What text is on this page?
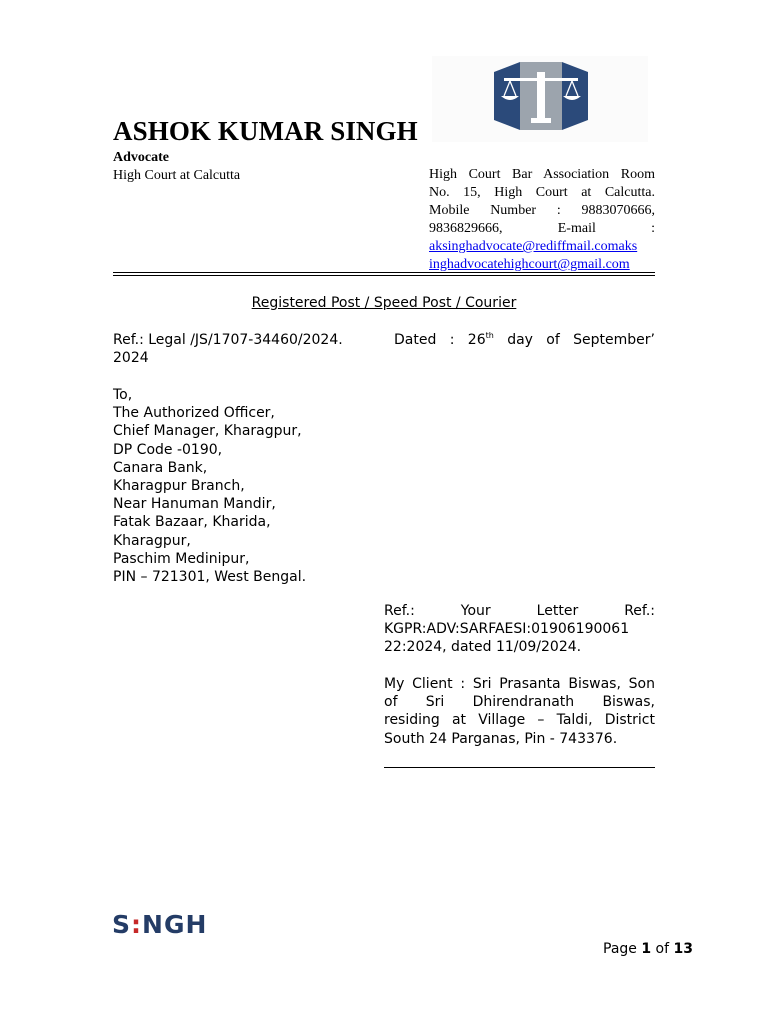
ASHOK KUMAR SINGH
Advocate
High Court at Calcutta	High Court Bar Association Room
No. 15, High Court at Calcutta.
Mobile Number : 9883070666,
9836829666, E-mail :
aksinghadvocate@rediffmail.comaks
inghadvocatehighcourt@gmail.com
Registered Post / Speed Post / Courier
Ref.: Legal /JS/1707-34460/2024.	Dated : 26th day of September’
2024
To,
The Authorized Officer,
Chief Manager, Kharagpur,
DP Code -0190,
Canara Bank,
Kharagpur Branch,
Near Hanuman Mandir,
Fatak Bazaar, Kharida,
Kharagpur,
Paschim Medinipur,
PIN – 721301, West Bengal.
Ref.: Your Letter Ref.:
KGPR:ADV:SARFAESI:01906190061
22:2024, dated 11/09/2024.
My Client : Sri Prasanta Biswas, Son
of Sri Dhirendranath Biswas,
residing at Village – Taldi, District
South 24 Parganas, Pin - 743376.
S:NGH
Page 1 of 13
